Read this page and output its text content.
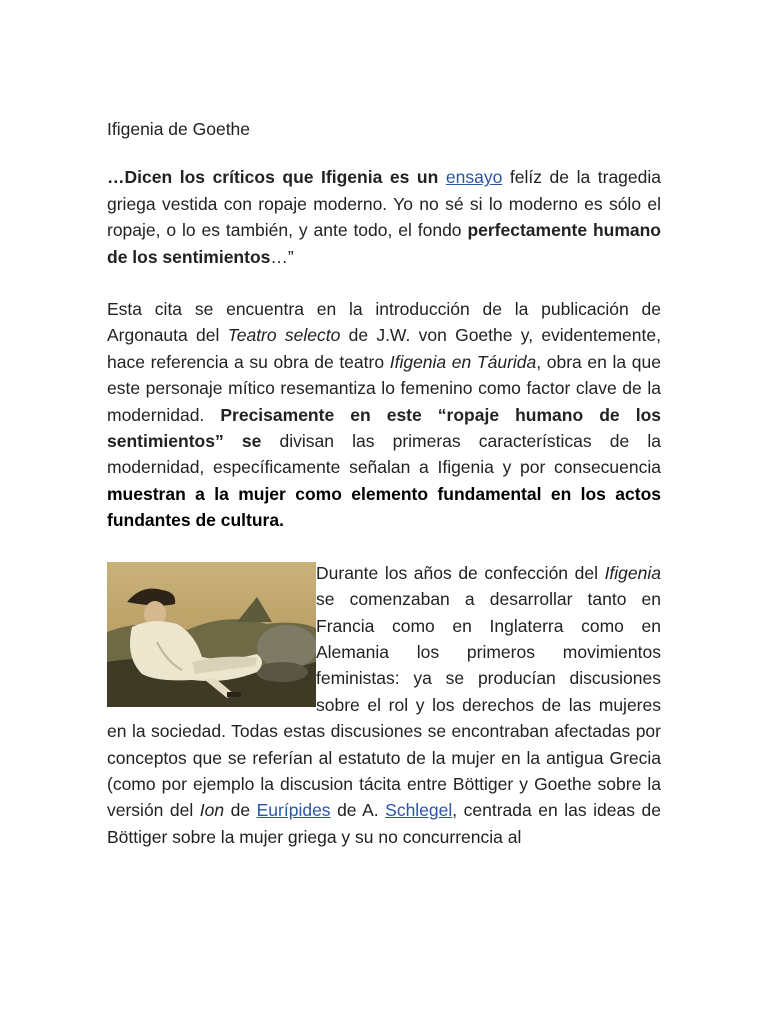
Ifigenia de Goethe

…Dicen los críticos que Ifigenia es un ensayo felíz de la tragedia griega vestida con ropaje moderno. Yo no sé si lo moderno es sólo el ropaje, o lo es también, y ante todo, el fondo perfectamente humano de los sentimientos…”

Esta cita se encuentra en la introducción de la publicación de Argonauta del Teatro selecto de J.W. von Goethe y, evidentemente, hace referencia a su obra de teatro Ifigenia en Táurida, obra en la que este personaje mítico resemantiza lo femenino como factor clave de la modernidad. Precisamente en este “ropaje humano de los sentimientos” se divisan las primeras características de la modernidad, específicamente señalan a Ifigenia y por consecuencia muestran a la mujer como elemento fundamental en los actos fundantes de cultura.

Durante los años de confección del Ifigenia se comenzaban a desarrollar tanto en Francia como en Inglaterra como en Alemania los primeros movimientos feministas: ya se producían discusiones sobre el rol y los derechos de las mujeres en la sociedad. Todas estas discusiones se encontraban afectadas por conceptos que se referían al estatuto de la mujer en la antigua Grecia (como por ejemplo la discusion tácita entre Böttiger y Goethe sobre la versión del Ion de Eurípides de A. Schlegel, centrada en las ideas de Böttiger sobre la mujer griega y su no concurrencia al
